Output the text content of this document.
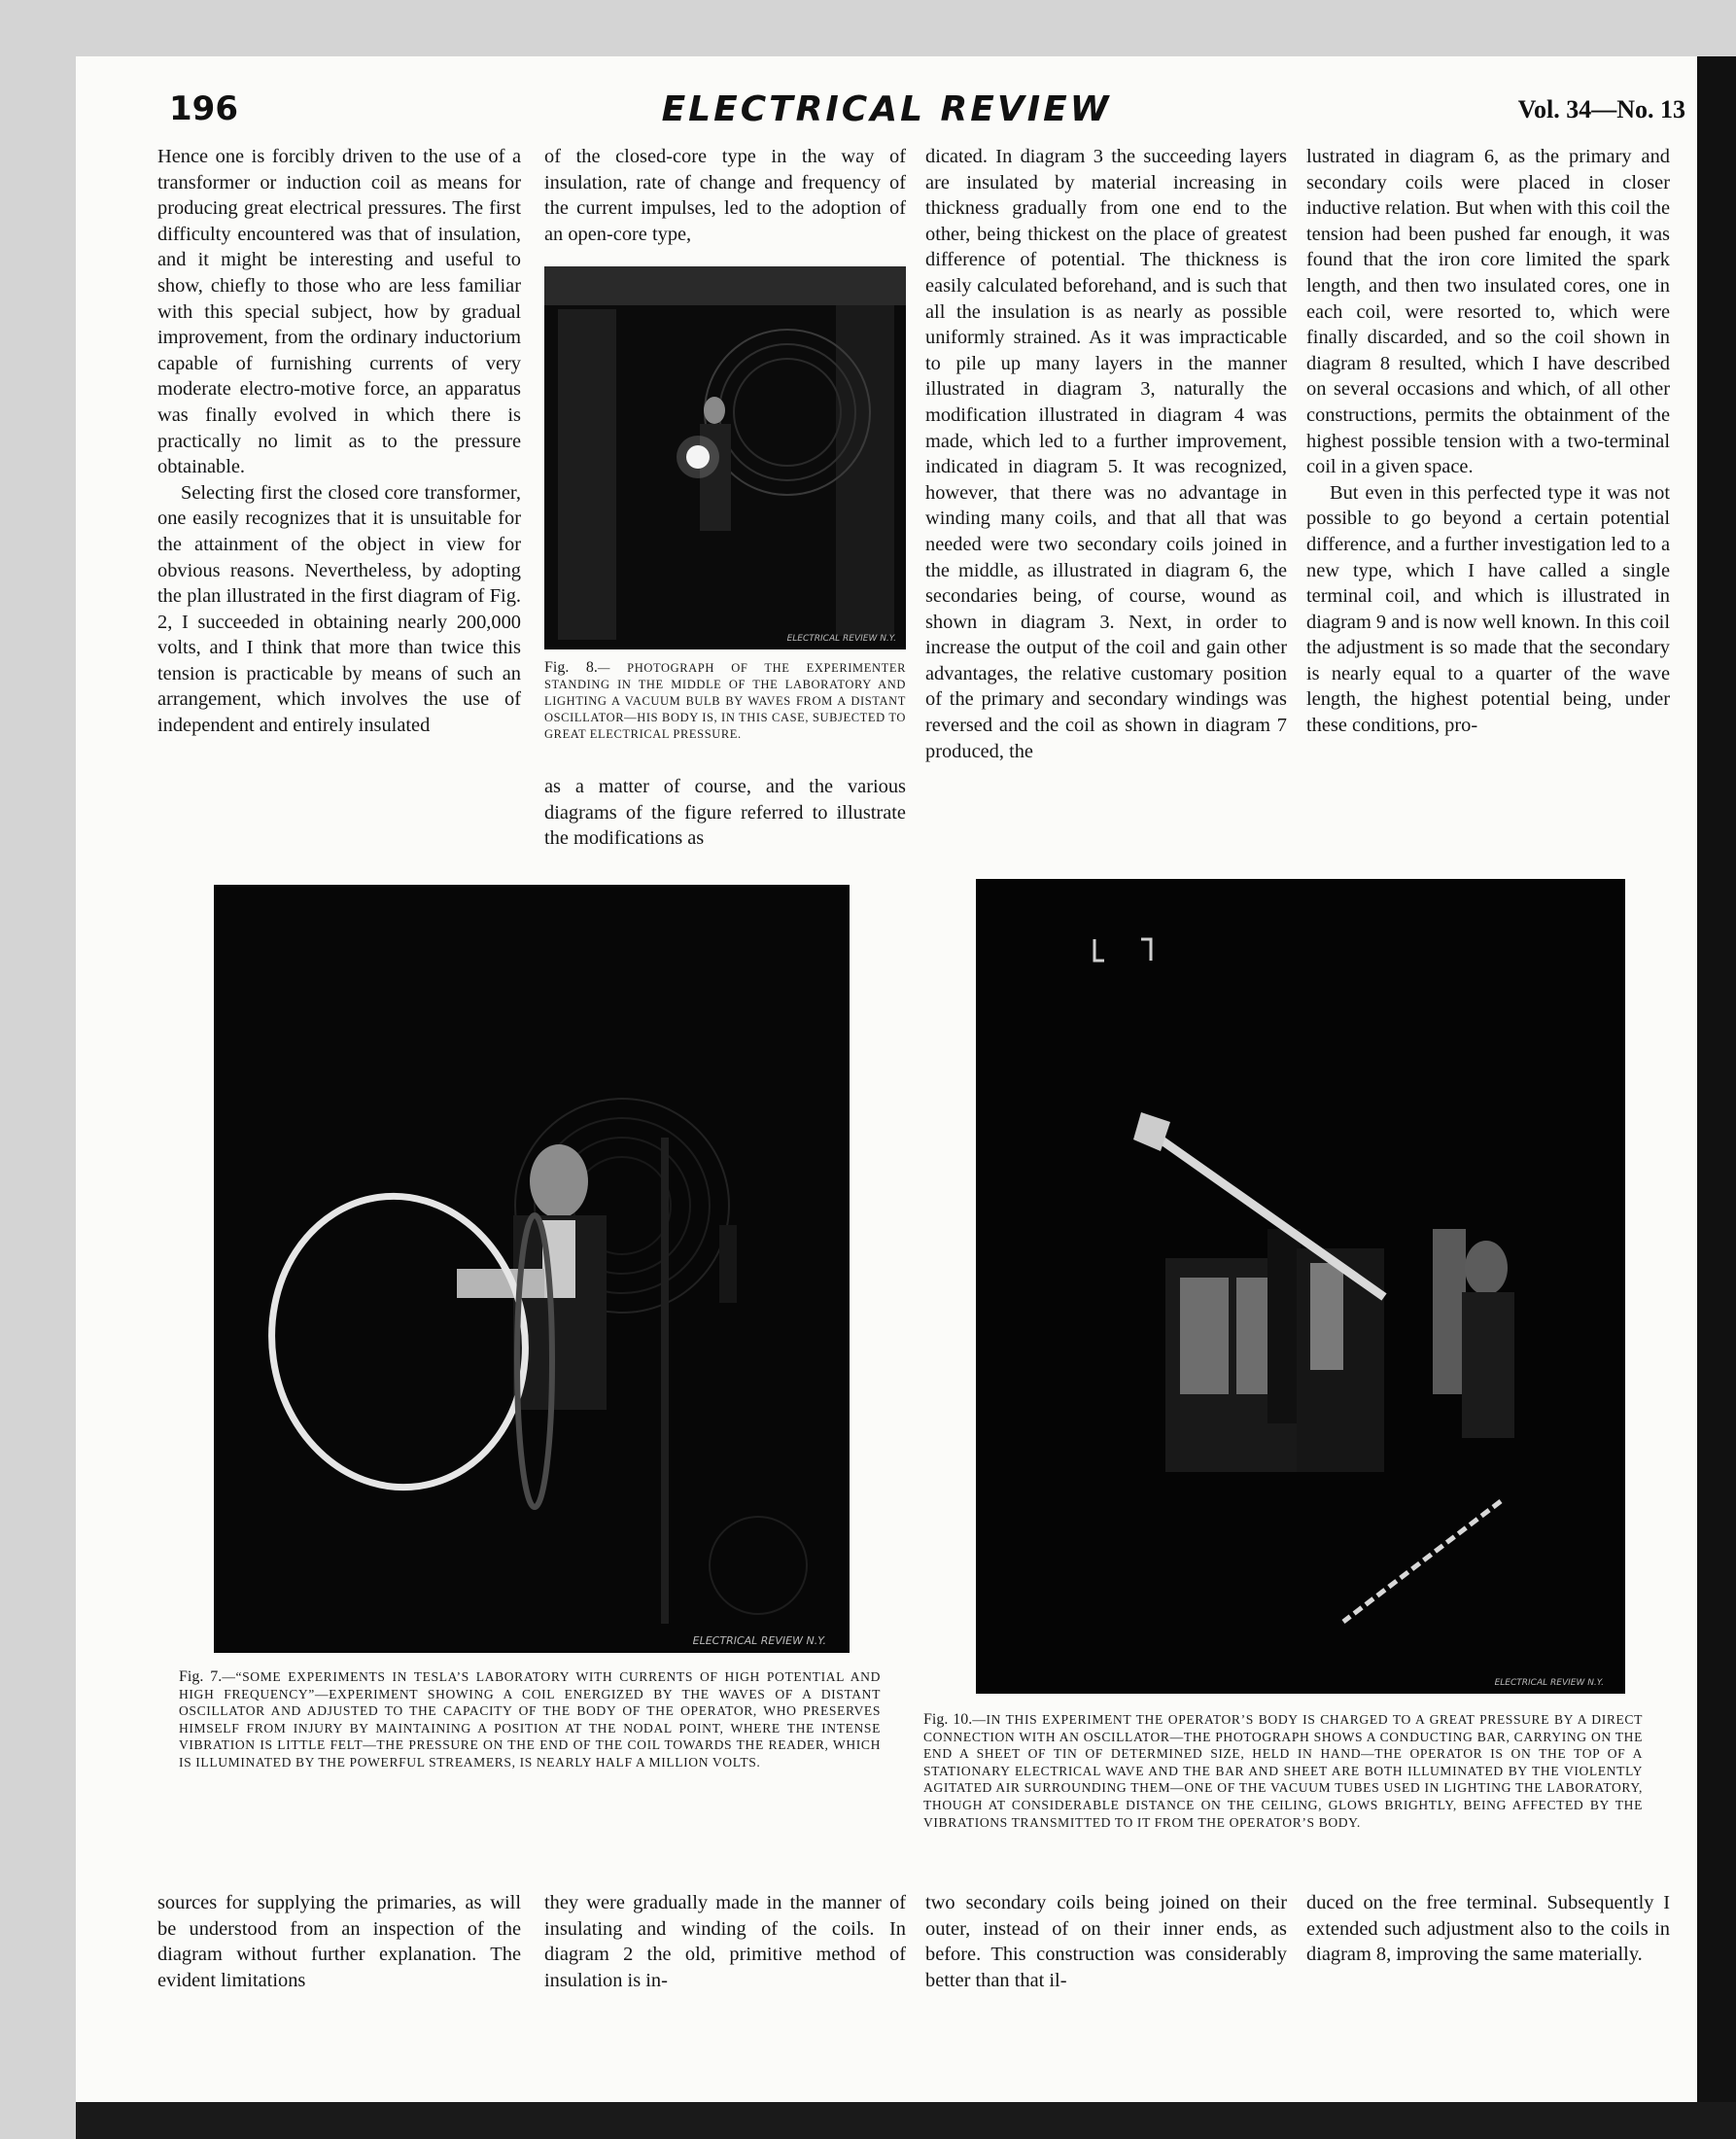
196	ELECTRICAL REVIEW	Vol. 34—No. 13

Hence one is forcibly driven to the use of a transformer or induction coil as means for producing great electrical pressures. The first difficulty encountered was that of insulation, and it might be interesting and useful to show, chiefly to those who are less familiar with this special subject, how by gradual improvement, from the ordinary inductorium capable of furnishing currents of very moderate electro-motive force, an apparatus was finally evolved in which there is practically no limit as to the pressure obtainable.

Selecting first the closed core transformer, one easily recognizes that it is unsuitable for the attainment of the object in view for obvious reasons. Nevertheless, by adopting the plan illustrated in the first diagram of Fig. 2, I succeeded in obtaining nearly 200,000 volts, and I think that more than twice this tension is practicable by means of such an arrangement, which involves the use of independent and entirely insulated

of the closed-core type in the way of insulation, rate of change and frequency of the current impulses, led to the adoption of an open-core type,

ELECTRICAL REVIEW N.Y.
Fig. 8.— PHOTOGRAPH OF THE EXPERIMENTER STANDING IN THE MIDDLE OF THE LABORATORY AND LIGHTING A VACUUM BULB BY WAVES FROM A DISTANT OSCILLATOR—HIS BODY IS, IN THIS CASE, SUBJECTED TO GREAT ELECTRICAL PRESSURE.

as a matter of course, and the various diagrams of the figure referred to illustrate the modifications as

dicated. In diagram 3 the succeeding layers are insulated by material increasing in thickness gradually from one end to the other, being thickest on the place of greatest difference of potential. The thickness is easily calculated beforehand, and is such that all the insulation is as nearly as possible uniformly strained. As it was impracticable to pile up many layers in the manner illustrated in diagram 3, naturally the modification illustrated in diagram 4 was made, which led to a further improvement, indicated in diagram 5. It was recognized, however, that there was no advantage in winding many coils, and that all that was needed were two secondary coils joined in the middle, as illustrated in diagram 6, the secondaries being, of course, wound as shown in diagram 3. Next, in order to increase the output of the coil and gain other advantages, the relative customary position of the primary and secondary windings was reversed and the coil as shown in diagram 7 produced, the

lustrated in diagram 6, as the primary and secondary coils were placed in closer inductive relation. But when with this coil the tension had been pushed far enough, it was found that the iron core limited the spark length, and then two insulated cores, one in each coil, were resorted to, which were finally discarded, and so the coil shown in diagram 8 resulted, which I have described on several occasions and which, of all other constructions, permits the obtainment of the highest possible tension with a two-terminal coil in a given space.

But even in this perfected type it was not possible to go beyond a certain potential difference, and a further investigation led to a new type, which I have called a single terminal coil, and which is illustrated in diagram 9 and is now well known. In this coil the adjustment is so made that the secondary is nearly equal to a quarter of the wave length, the highest potential being, under these conditions, pro-

ELECTRICAL REVIEW N.Y.
Fig. 7.—“SOME EXPERIMENTS IN TESLA’S LABORATORY WITH CURRENTS OF HIGH POTENTIAL AND HIGH FREQUENCY”—EXPERIMENT SHOWING A COIL ENERGIZED BY THE WAVES OF A DISTANT OSCILLATOR AND ADJUSTED TO THE CAPACITY OF THE BODY OF THE OPERATOR, WHO PRESERVES HIMSELF FROM INJURY BY MAINTAINING A POSITION AT THE NODAL POINT, WHERE THE INTENSE VIBRATION IS LITTLE FELT—THE PRESSURE ON THE END OF THE COIL TOWARDS THE READER, WHICH IS ILLUMINATED BY THE POWERFUL STREAMERS, IS NEARLY HALF A MILLION VOLTS.
ELECTRICAL REVIEW N.Y.
Fig. 10.—IN THIS EXPERIMENT THE OPERATOR’S BODY IS CHARGED TO A GREAT PRESSURE BY A DIRECT CONNECTION WITH AN OSCILLATOR—THE PHOTOGRAPH SHOWS A CONDUCTING BAR, CARRYING ON THE END A SHEET OF TIN OF DETERMINED SIZE, HELD IN HAND—THE OPERATOR IS ON THE TOP OF A STATIONARY ELECTRICAL WAVE AND THE BAR AND SHEET ARE BOTH ILLUMINATED BY THE VIOLENTLY AGITATED AIR SURROUNDING THEM—ONE OF THE VACUUM TUBES USED IN LIGHTING THE LABORATORY, THOUGH AT CONSIDERABLE DISTANCE ON THE CEILING, GLOWS BRIGHTLY, BEING AFFECTED BY THE VIBRATIONS TRANSMITTED TO IT FROM THE OPERATOR’S BODY.

sources for supplying the primaries, as will be understood from an inspection of the diagram without further explanation. The evident limitations

they were gradually made in the manner of insulating and winding of the coils. In diagram 2 the old, primitive method of insulation is in-

two secondary coils being joined on their outer, instead of on their inner ends, as before. This construction was considerably better than that il-

duced on the free terminal. Subsequently I extended such adjustment also to the coils in diagram 8, improving the same materially.
